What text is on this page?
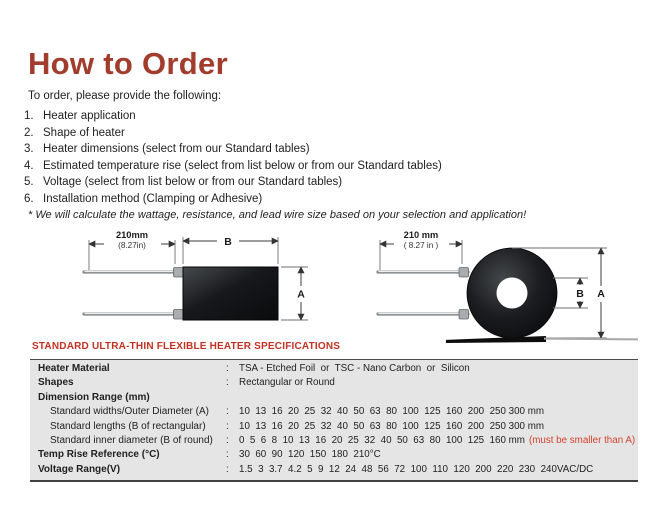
How to Order
To order, please provide the following:
1. Heater application
2. Shape of heater
3. Heater dimensions (select from our Standard tables)
4. Estimated temperature rise (select from list below or from our Standard tables)
5. Voltage (select from list below or from our Standard tables)
6. Installation method (Clamping or Adhesive)
* We will calculate the wattage, resistance, and lead wire size based on your selection and application!
210mm
(8.27in)	B
A
210 mm
( 8.27 in )
B A
STANDARD ULTRA-THIN FLEXIBLE HEATER SPECIFICATIONS
Heater Material	: TSA - Etched Foil  or  TSC - Nano Carbon  or  Silicon
Shapes	: Rectangular or Round
Dimension Range (mm)
Standard widths/Outer Diameter (A) : 10  13  16  20  25  32  40  50  63  80  100  125  160  200  250 300 mm
Standard lengths (B of rectangular) : 10  13  16  20  25  32  40  50  63  80  100  125  160  200  250 300 mm
Standard inner diameter (B of round) : 0  5  6  8  10  13  16  20  25  32  40  50  63  80  100  125  160 mm (must be smaller than A)
Temp Rise Reference (°C)	: 30  60  90  120  150  180  210°C
Voltage Range(V)	: 1.5  3  3.7  4.2  5  9  12  24  48  56  72  100  110  120  200  220  230  240VAC/DC
